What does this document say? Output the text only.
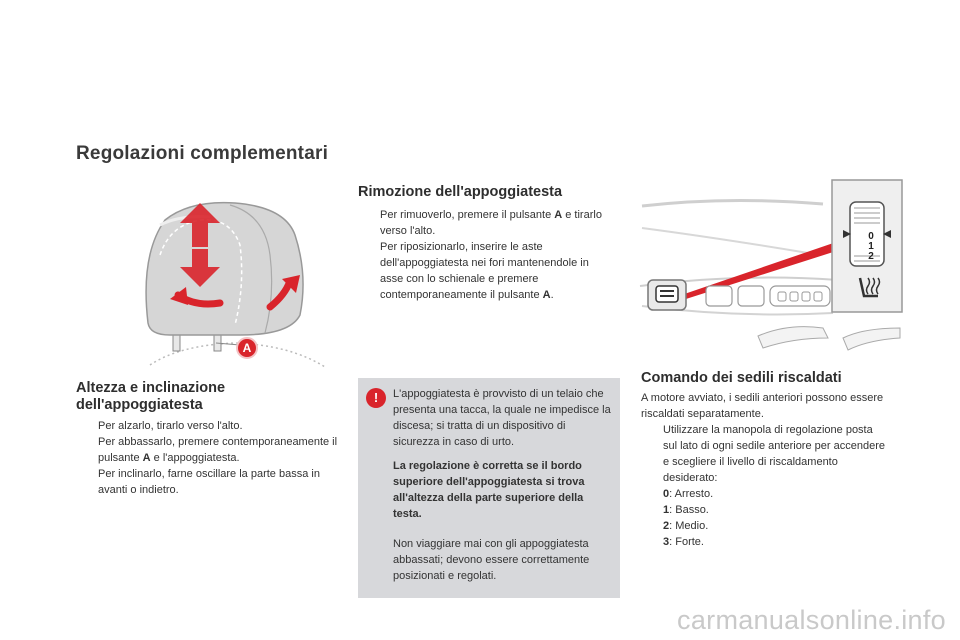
Regolazioni complementari
A
Altezza e inclinazione
dell'appoggiatesta
Per alzarlo, tirarlo verso l'alto.
Per abbassarlo, premere contemporaneamente il pulsante A e l'appoggiatesta.
Per inclinarlo, farne oscillare la parte bassa in avanti o indietro.
Rimozione dell'appoggiatesta
Per rimuoverlo, premere il pulsante A e tirarlo verso l'alto.
Per riposizionarlo, inserire le aste dell'appoggiatesta nei fori mantenendole in asse con lo schienale e premere contemporaneamente il pulsante A.
!	L'appoggiatesta è provvisto di un telaio che presenta una tacca, la quale ne impedisce la discesa; si tratta di un dispositivo di sicurezza in caso di urto.

La regolazione è corretta se il bordo superiore dell'appoggiatesta si trova all'altezza della parte superiore della testa.

Non viaggiare mai con gli appoggiatesta abbassati; devono essere correttamente posizionati e regolati.

0
1
2
Comando dei sedili riscaldati
A motore avviato, i sedili anteriori possono essere riscaldati separatamente.
Utilizzare la manopola di regolazione posta sul lato di ogni sedile anteriore per accendere e scegliere il livello di riscaldamento desiderato:
0: Arresto.
1: Basso.
2: Medio.
3: Forte.
carmanualsonline.info
